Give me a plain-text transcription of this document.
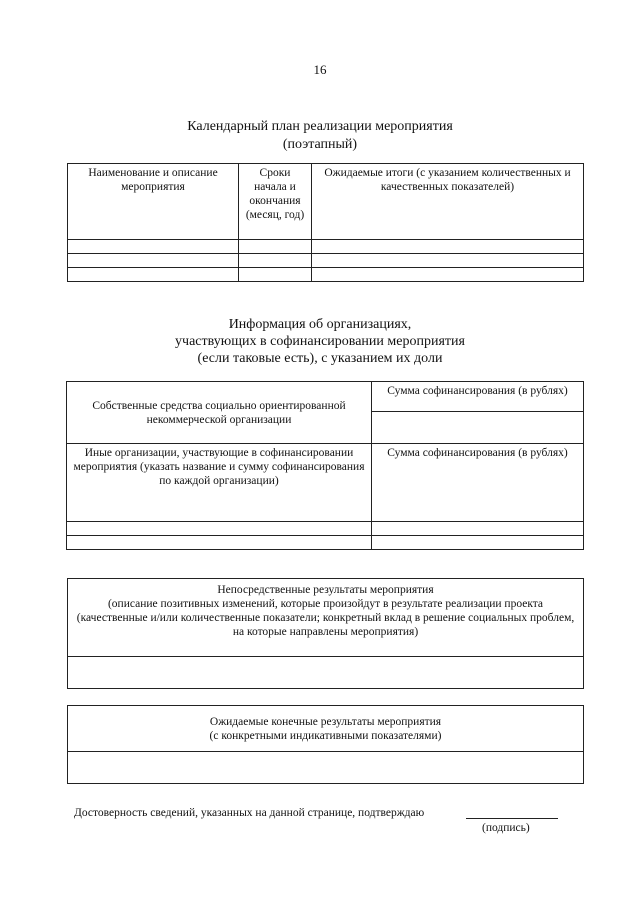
16
Календарный план реализации мероприятия
(поэтапный)
Наименование и описание мероприятия	Сроки начала и окончания (месяц, год)	Ожидаемые итоги (с указанием количественных и качественных показателей)

Информация об организациях,
участвующих в софинансировании мероприятия
(если таковые есть), с указанием их доли
Собственные средства социально ориентированной некоммерческой организации	Сумма софинансирования (в рублях)

Иные организации, участвующие в софинансировании мероприятия (указать название и сумму софинансирования по каждой организации)	Сумма софинансирования (в рублях)

Непосредственные результаты мероприятия
(описание позитивных изменений, которые произойдут в результате реализации проекта (качественные и/или количественные показатели; конкретный вклад в решение социальных проблем, на которые направлены мероприятия)

Ожидаемые конечные результаты мероприятия
(с конкретными индикативными показателями)

Достоверность сведений, указанных на данной странице, подтверждаю
(подпись)
